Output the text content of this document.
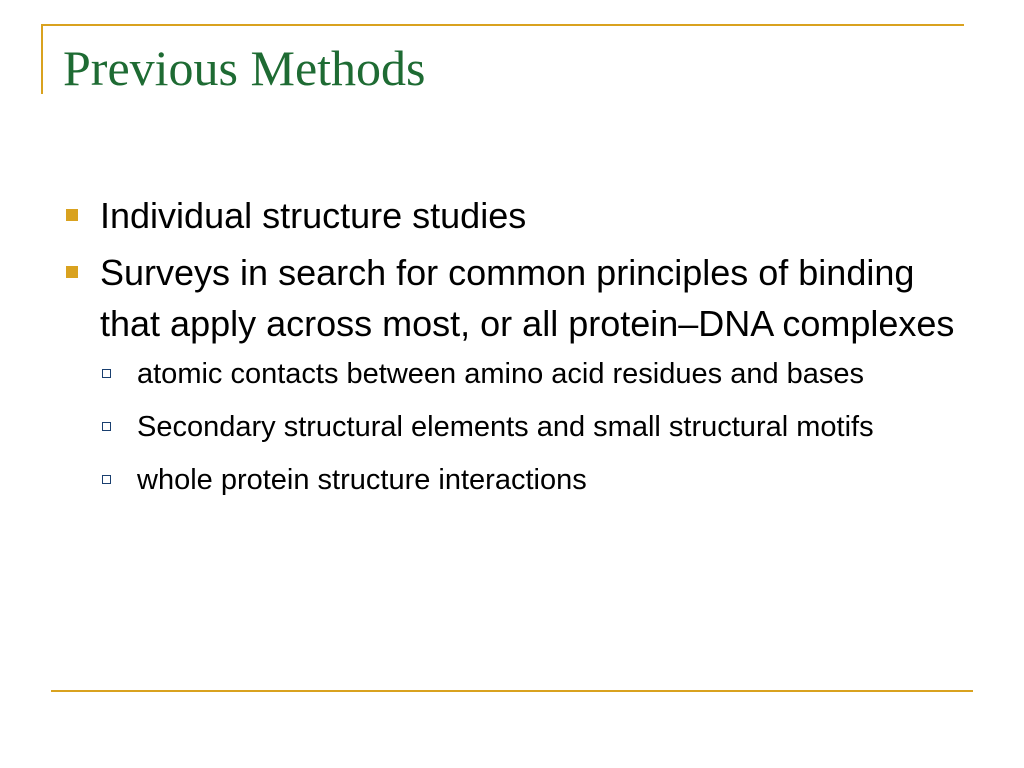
Previous Methods
Individual structure studies
Surveys in search for common principles of binding that apply across most, or all protein–DNA complexes
atomic contacts between amino acid residues and bases
Secondary structural elements and small structural motifs
whole protein structure interactions
